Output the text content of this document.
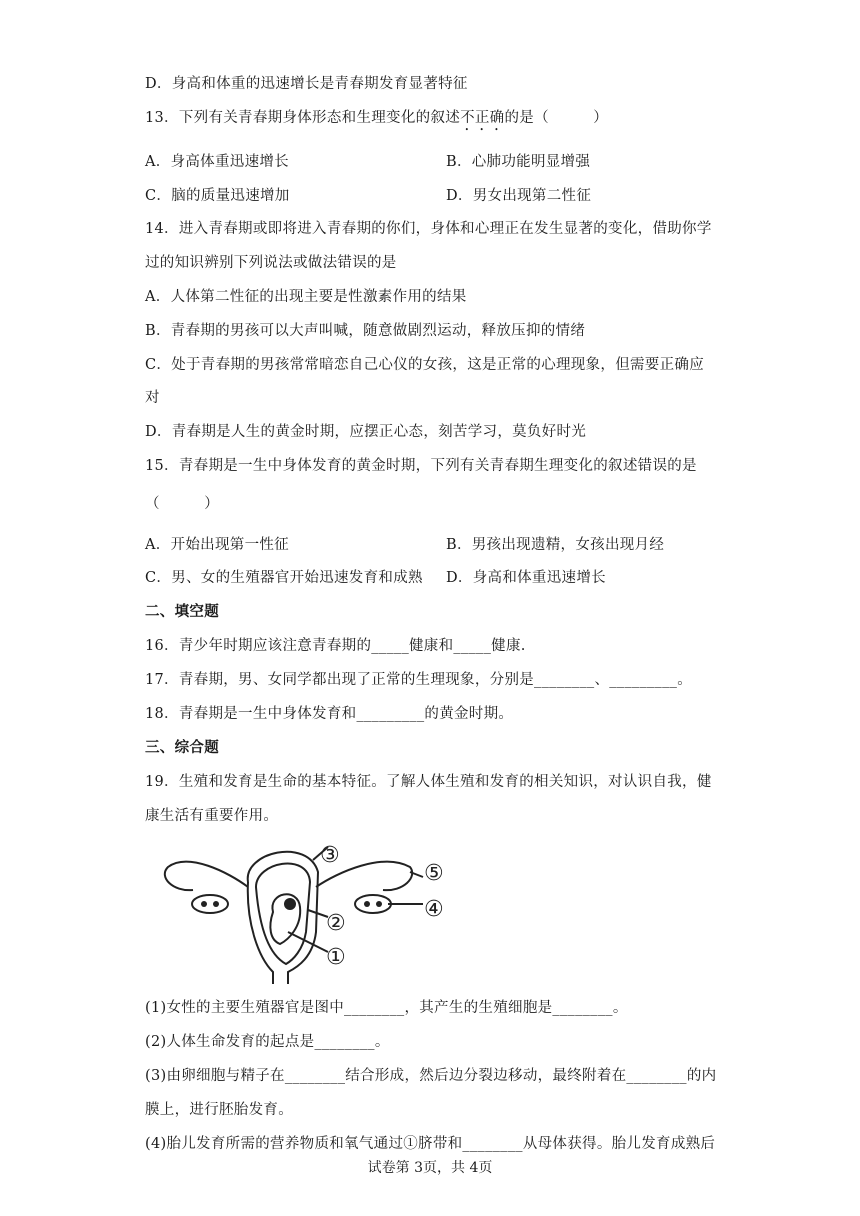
D．身高和体重的迅速增长是青春期发育显著特征
13．下列有关青春期身体形态和生理变化的叙述不正确的是（　　　）
A．身高体重迅速增长	B．心肺功能明显增强
C．脑的质量迅速增加	D．男女出现第二性征
14．进入青春期或即将进入青春期的你们，身体和心理正在发生显著的变化，借助你学
过的知识辨别下列说法或做法错误的是
A．人体第二性征的出现主要是性激素作用的结果
B．青春期的男孩可以大声叫喊，随意做剧烈运动，释放压抑的情绪
C．处于青春期的男孩常常暗恋自己心仪的女孩，这是正常的心理现象，但需要正确应
对
D．青春期是人生的黄金时期，应摆正心态，刻苦学习，莫负好时光
15．青春期是一生中身体发育的黄金时期，下列有关青春期生理变化的叙述错误的是
（　　　）
A．开始出现第一性征	B．男孩出现遗精，女孩出现月经
C．男、女的生殖器官开始迅速发育和成熟 D．身高和体重迅速增长
二、填空题
16．青少年时期应该注意青春期的_____健康和_____健康.
17．青春期，男、女同学都出现了正常的生理现象，分别是________、_________。
18．青春期是一生中身体发育和_________的黄金时期。
三、综合题
19．生殖和发育是生命的基本特征。了解人体生殖和发育的相关知识，对认识自我，健
康生活有重要作用。
①
②
③
④
⑤
(1)女性的主要生殖器官是图中________，其产生的生殖细胞是________。
(2)人体生命发育的起点是________。
(3)由卵细胞与精子在________结合形成，然后边分裂边移动，最终附着在________的内
膜上，进行胚胎发育。
(4)胎儿发育所需的营养物质和氧气通过①脐带和________从母体获得。胎儿发育成熟后
试卷第 3页，共 4页
